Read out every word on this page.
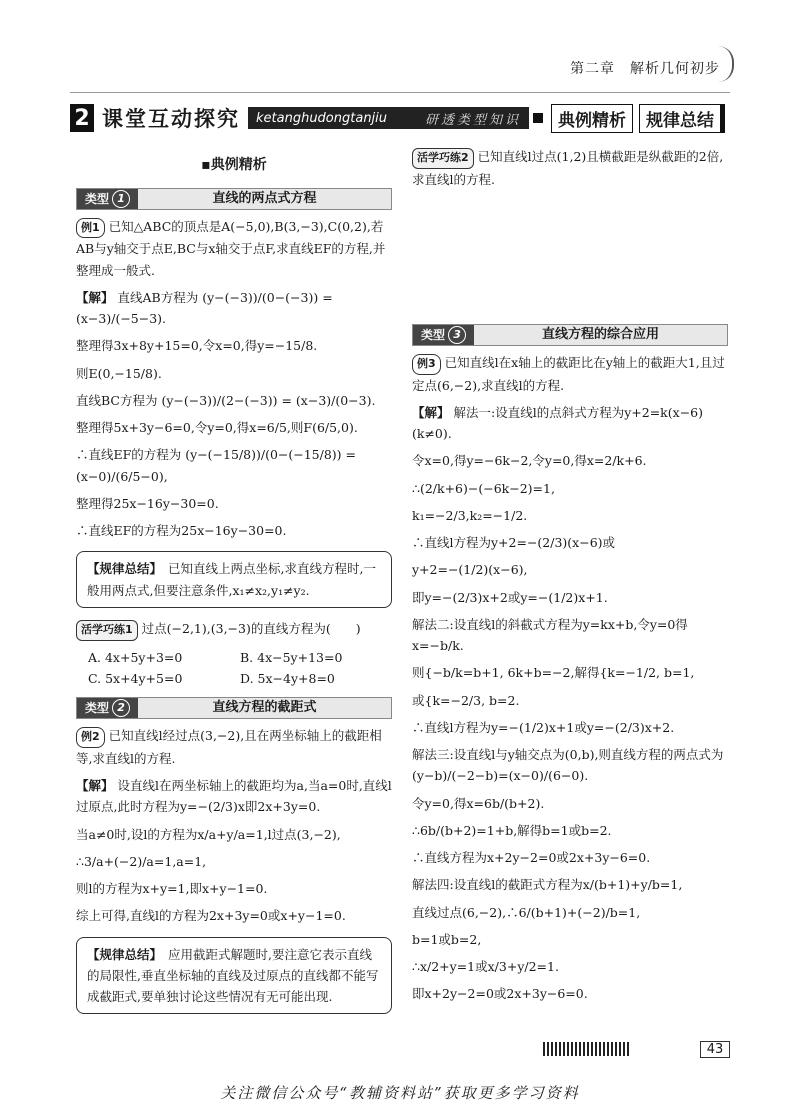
第二章　解析几何初步
2 课堂互动探究	ketanghudongtanjiu	研透类型知识	典例精析	规律总结
▪典例精析
类型 1	直线的两点式方程

例1 已知△ABC的顶点是A(−5,0),B(3,−3),C(0,2),若AB与y轴交于点E,BC与x轴交于点F,求直线EF的方程,并整理成一般式.

【解】 直线AB方程为 (y−(−3))/(0−(−3)) = (x−3)/(−5−3).

整理得3x+8y+15=0,令x=0,得y=−15/8.

则E(0,−15/8).

直线BC方程为 (y−(−3))/(2−(−3)) = (x−3)/(0−3).

整理得5x+3y−6=0,令y=0,得x=6/5,则F(6/5,0).

∴直线EF的方程为 (y−(−15/8))/(0−(−15/8)) = (x−0)/(6/5−0),

整理得25x−16y−30=0.

∴直线EF的方程为25x−16y−30=0.

【规律总结】 已知直线上两点坐标,求直线方程时,一般用两点式,但要注意条件,x₁≠x₂,y₁≠y₂.

活学巧练1 过点(−2,1),(3,−3)的直线方程为(　　)

A. 4x+5y+3=0	B. 4x−5y+13=0
C. 5x+4y+5=0	D. 5x−4y+8=0
类型 2	直线方程的截距式

例2 已知直线l经过点(3,−2),且在两坐标轴上的截距相等,求直线l的方程.

【解】 设直线l在两坐标轴上的截距均为a,当a=0时,直线l过原点,此时方程为y=−(2/3)x即2x+3y=0.

当a≠0时,设l的方程为x/a+y/a=1,l过点(3,−2),

∴3/a+(−2)/a=1,a=1,

则l的方程为x+y=1,即x+y−1=0.

综上可得,直线l的方程为2x+3y=0或x+y−1=0.

【规律总结】 应用截距式解题时,要注意它表示直线的局限性,垂直坐标轴的直线及过原点的直线都不能写成截距式,要单独讨论这些情况有无可能出现.

活学巧练2 已知直线l过点(1,2)且横截距是纵截距的2倍,求直线l的方程.

类型 3	直线方程的综合应用

例3 已知直线l在x轴上的截距比在y轴上的截距大1,且过定点(6,−2),求直线l的方程.

【解】 解法一:设直线l的点斜式方程为y+2=k(x−6)(k≠0).

令x=0,得y=−6k−2,令y=0,得x=2/k+6.

∴(2/k+6)−(−6k−2)=1,

k₁=−2/3,k₂=−1/2.

∴直线l方程为y+2=−(2/3)(x−6)或

y+2=−(1/2)(x−6),

即y=−(2/3)x+2或y=−(1/2)x+1.

解法二:设直线l的斜截式方程为y=kx+b,令y=0得x=−b/k.

则{−b/k=b+1, 6k+b=−2,解得{k=−1/2, b=1,

或{k=−2/3, b=2.

∴直线l方程为y=−(1/2)x+1或y=−(2/3)x+2.

解法三:设直线l与y轴交点为(0,b),则直线方程的两点式为(y−b)/(−2−b)=(x−0)/(6−0).

令y=0,得x=6b/(b+2).

∴6b/(b+2)=1+b,解得b=1或b=2.

∴直线方程为x+2y−2=0或2x+3y−6=0.

解法四:设直线l的截距式方程为x/(b+1)+y/b=1,

直线过点(6,−2),∴6/(b+1)+(−2)/b=1,

b=1或b=2,

∴x/2+y=1或x/3+y/2=1.

即x+2y−2=0或2x+3y−6=0.

43
关注微信公众号“教辅资料站”获取更多学习资料
